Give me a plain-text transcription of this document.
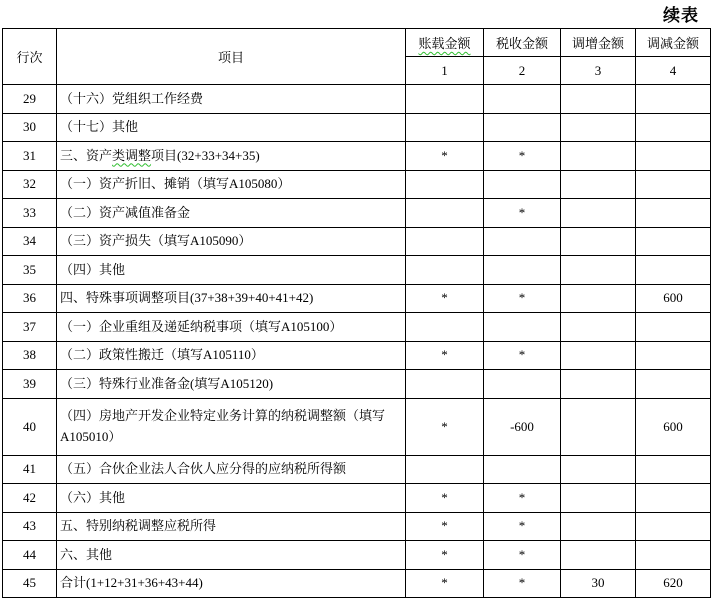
续表
行次	项目	账载金额	税收金额	调增金额	调减金额
		1	2	3	4
29	（十六）党组织工作经费				
30	（十七）其他				
31	三、资产类调整项目(32+33+34+35)	*	*		
32	（一）资产折旧、摊销（填写A105080）				
33	（二）资产减值准备金		*		
34	（三）资产损失（填写A105090）				
35	（四）其他				
36	四、特殊事项调整项目(37+38+39+40+41+42)	*	*		600
37	（一）企业重组及递延纳税事项（填写A105100）				
38	（二）政策性搬迁（填写A105110）	*	*		
39	（三）特殊行业准备金(填写A105120)				
40	（四）房地产开发企业特定业务计算的纳税调整额（填写A105010）	*	-600		600
41	（五）合伙企业法人合伙人应分得的应纳税所得额				
42	（六）其他	*	*		
43	五、特别纳税调整应税所得	*	*		
44	六、其他	*	*		
45	合计(1+12+31+36+43+44)	*	*	30	620
